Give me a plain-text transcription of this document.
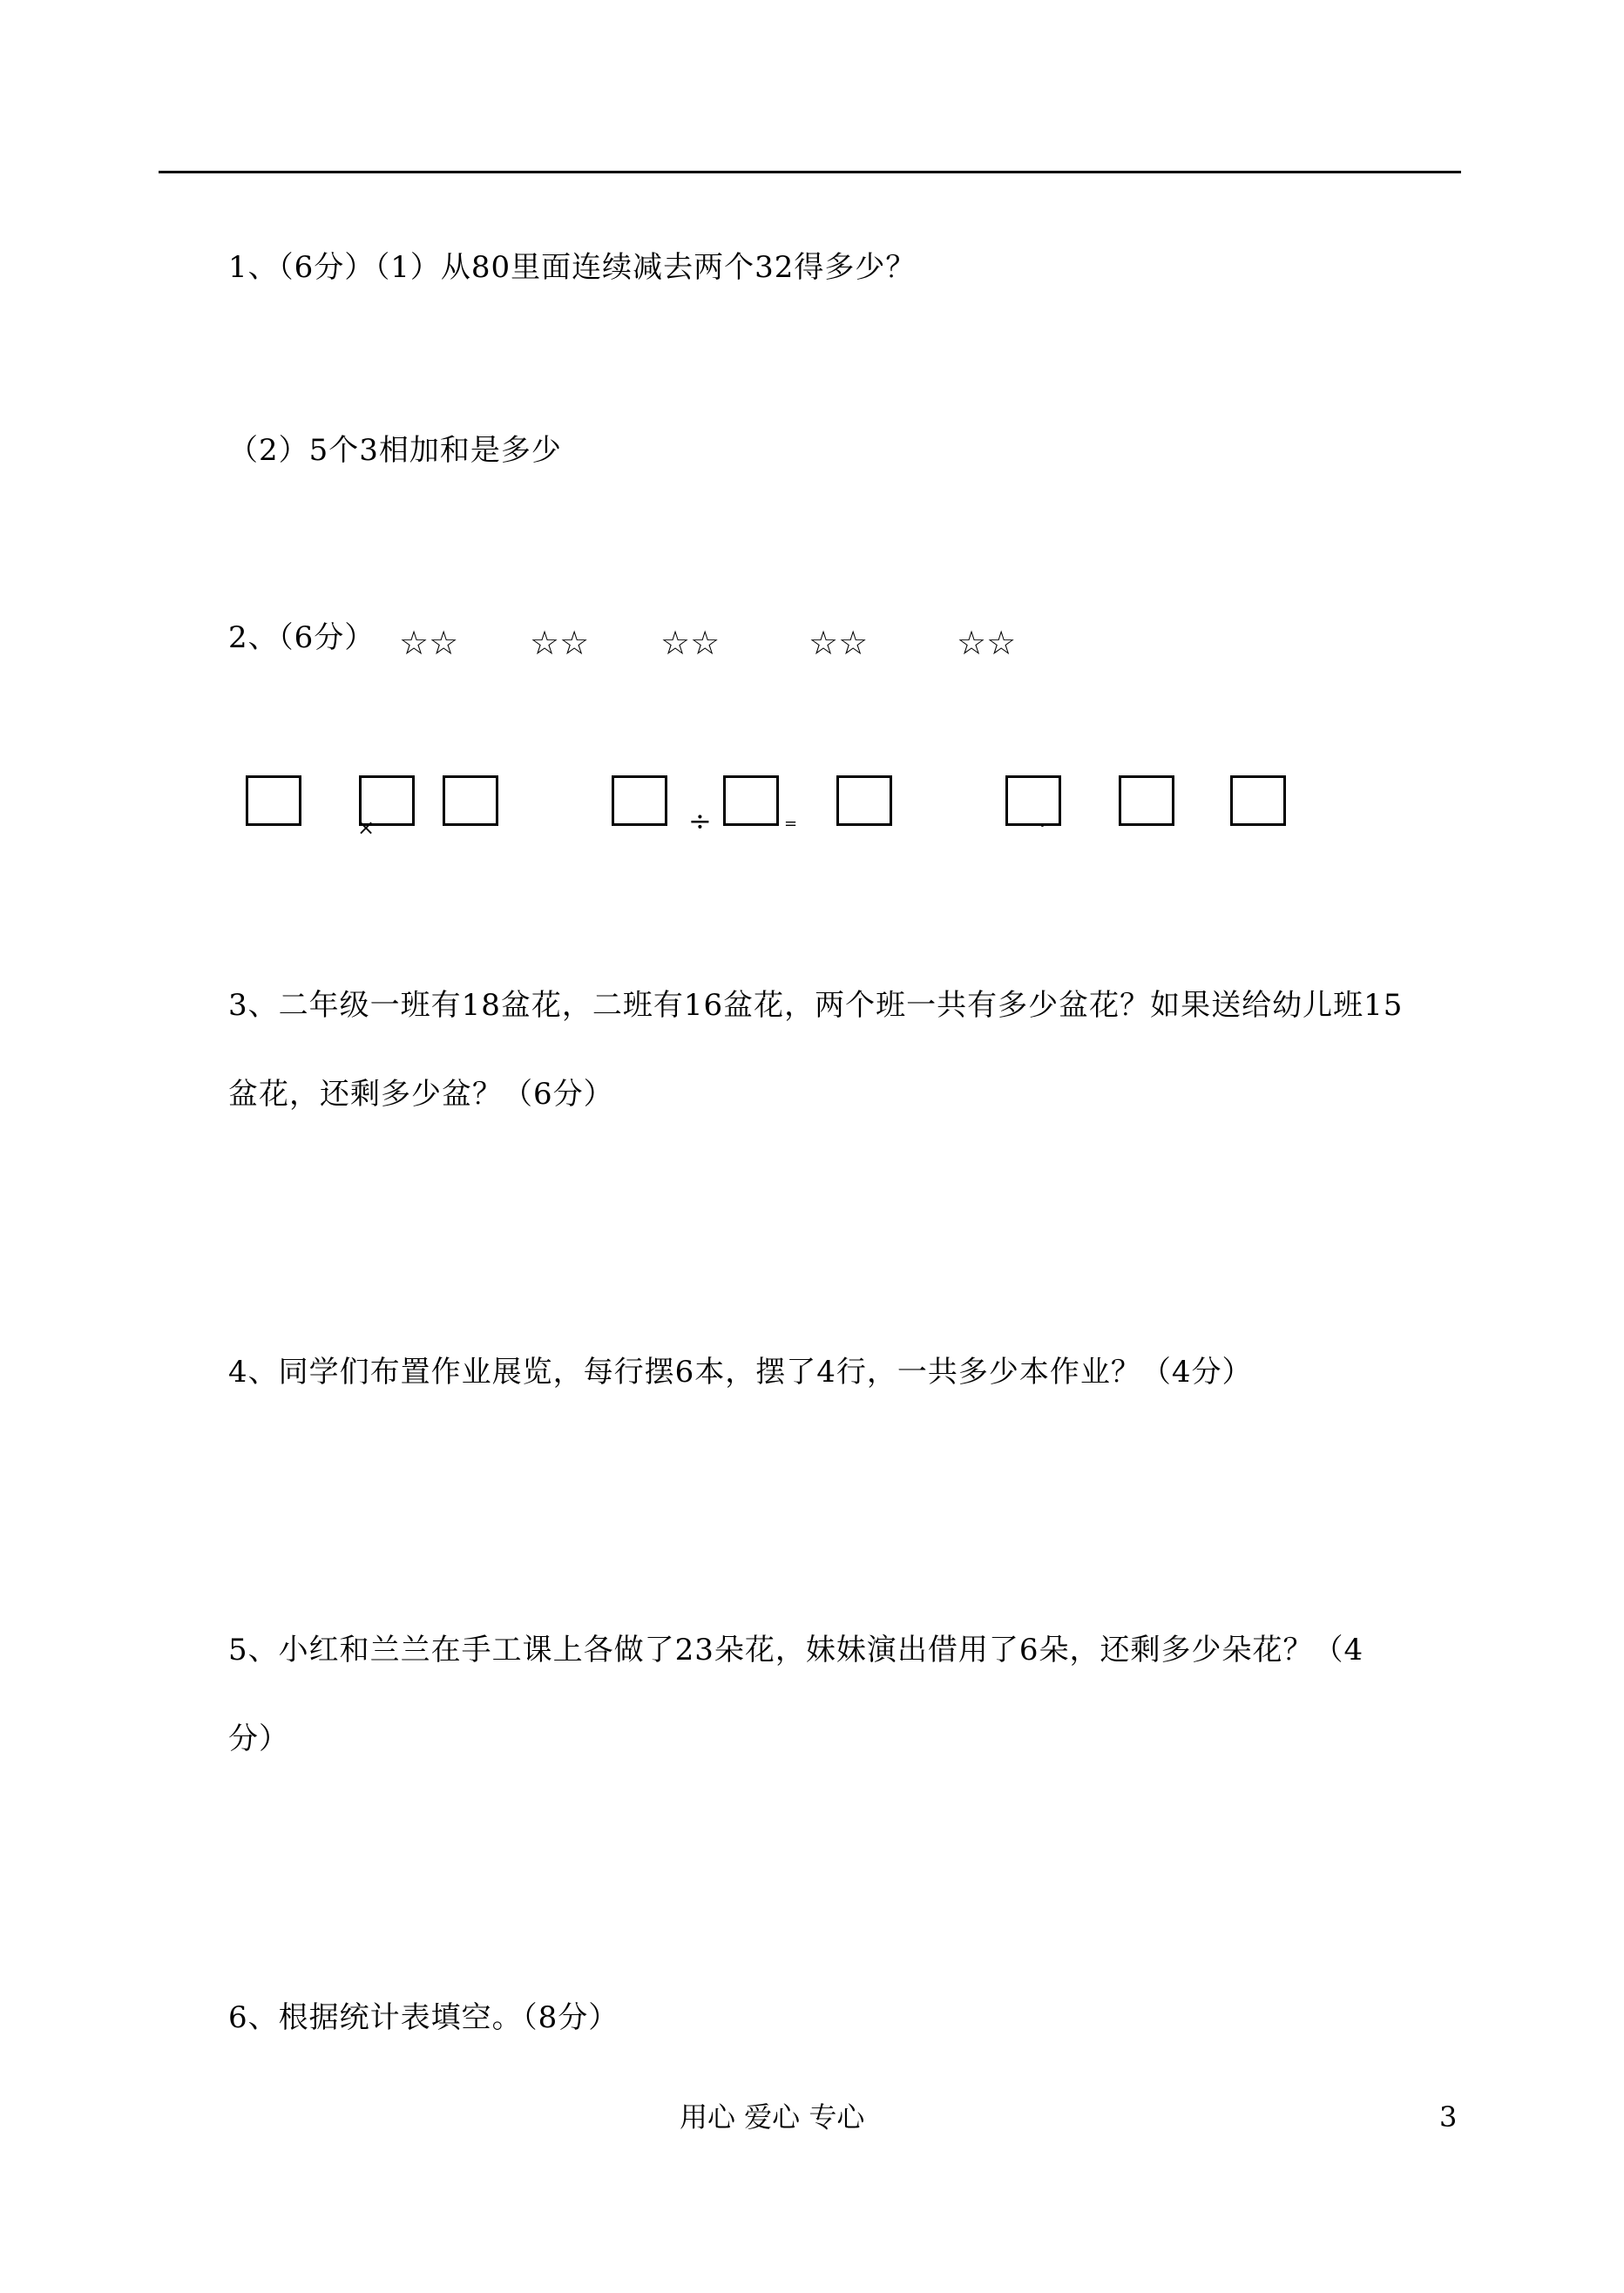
1、（6分）（1）从80里面连续减去两个32得多少？
（2）5个3相加和是多少
2、（6分） ☆☆ ☆☆ ☆☆	☆☆	☆☆
×	—	÷	=	·	—
3、二年级一班有18盆花，二班有16盆花，两个班一共有多少盆花？如果送给幼儿班15
盆花，还剩多少盆？（6分）
4、同学们布置作业展览，每行摆6本，摆了4行，一共多少本作业？（4分）
5、小红和兰兰在手工课上各做了23朵花，妹妹演出借用了6朵，还剩多少朵花？（4
分）
6、根据统计表填空。（8分）
用心 爱心 专心	3
